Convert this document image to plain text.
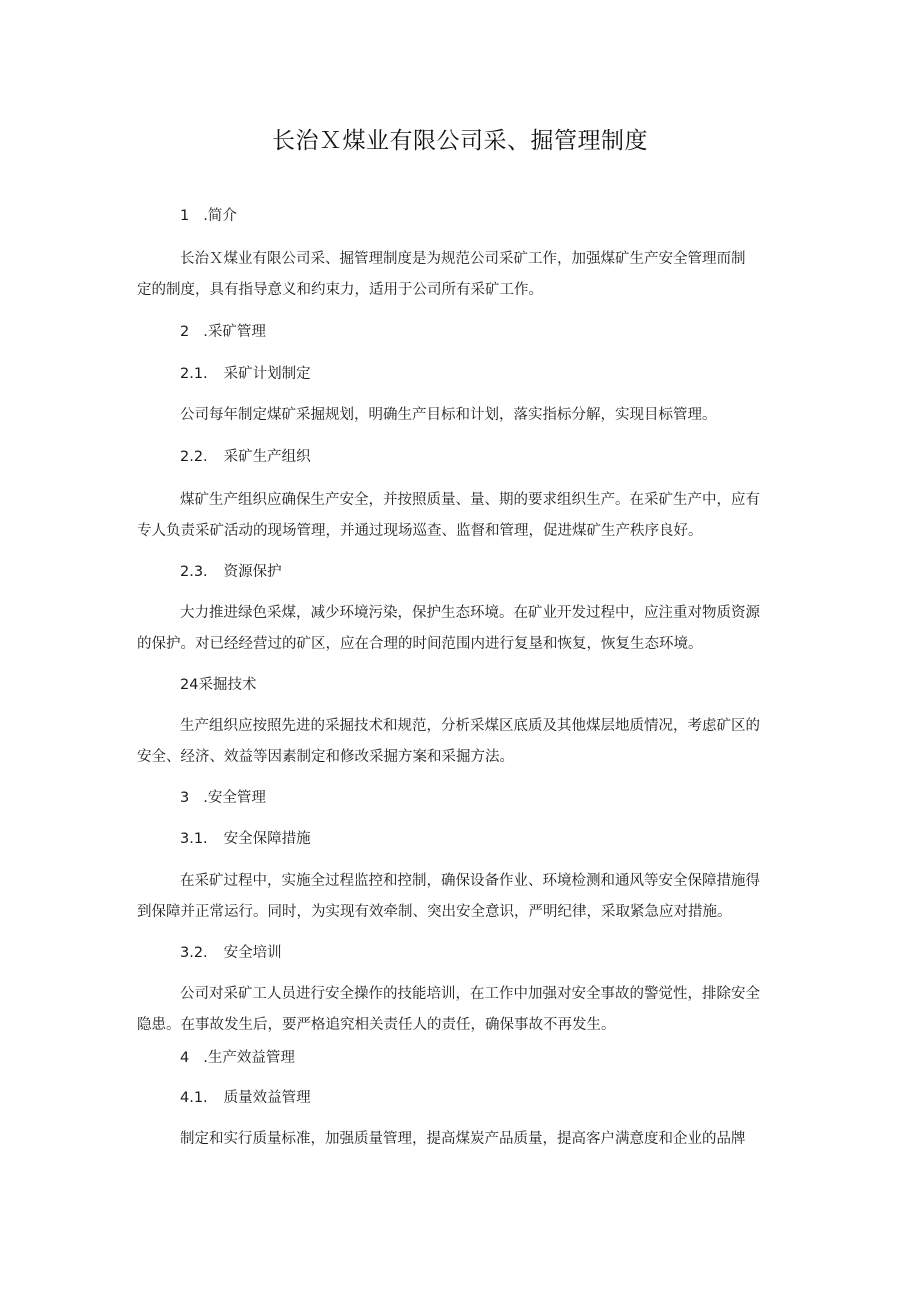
长治Ｘ煤业有限公司采、掘管理制度
1 .简介
长治Ｘ煤业有限公司采、掘管理制度是为规范公司采矿工作，加强煤矿生产安全管理而制
定的制度，具有指导意义和约束力，适用于公司所有采矿工作。
2 .采矿管理
2.1. 采矿计划制定
公司每年制定煤矿采掘规划，明确生产目标和计划，落实指标分解，实现目标管理。
2.2. 采矿生产组织
煤矿生产组织应确保生产安全，并按照质量、量、期的要求组织生产。在采矿生产中，应有
专人负责采矿活动的现场管理，并通过现场巡查、监督和管理，促进煤矿生产秩序良好。
2.3. 资源保护
大力推进绿色采煤，减少环境污染，保护生态环境。在矿业开发过程中，应注重对物质资源
的保护。对已经经营过的矿区，应在合理的时间范围内进行复垦和恢复，恢复生态环境。
24采掘技术
生产组织应按照先进的采掘技术和规范，分析采煤区底质及其他煤层地质情况，考虑矿区的
安全、经济、效益等因素制定和修改采掘方案和采掘方法。
3 .安全管理
3.1. 安全保障措施
在采矿过程中，实施全过程监控和控制，确保设备作业、环境检测和通风等安全保障措施得
到保障并正常运行。同时，为实现有效牵制、突出安全意识，严明纪律，采取紧急应对措施。
3.2. 安全培训
公司对采矿工人员进行安全操作的技能培训，在工作中加强对安全事故的警觉性，排除安全
隐患。在事故发生后，要严格追究相关责任人的责任，确保事故不再发生。
4 .生产效益管理
4.1. 质量效益管理
制定和实行质量标准，加强质量管理，提高煤炭产品质量，提高客户满意度和企业的品牌
